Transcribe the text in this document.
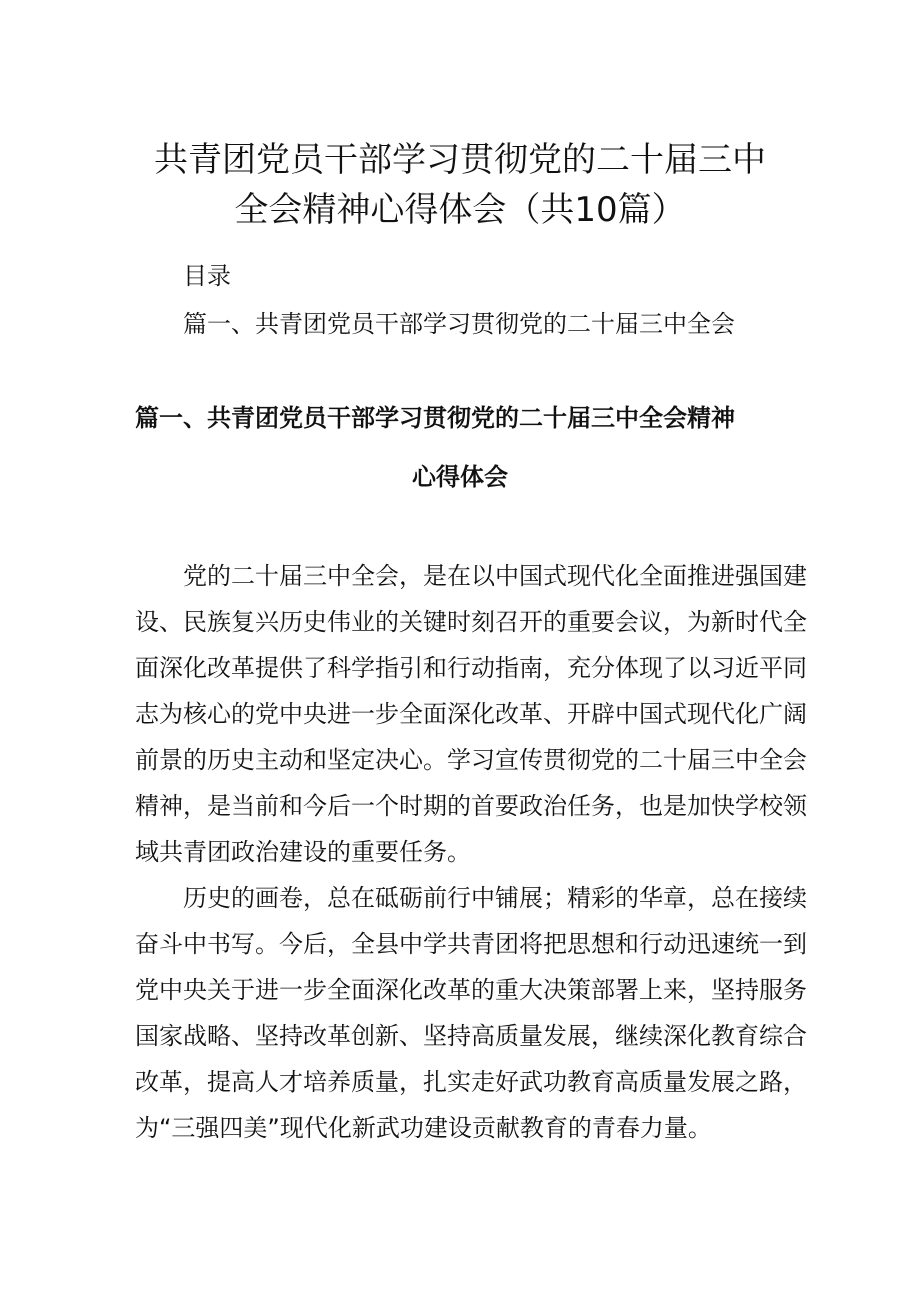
共青团党员干部学习贯彻党的二十届三中
全会精神心得体会（共10篇）
目录
篇一、共青团党员干部学习贯彻党的二十届三中全会
篇一、共青团党员干部学习贯彻党的二十届三中全会精神
心得体会
党的二十届三中全会，是在以中国式现代化全面推进强国建
设、民族复兴历史伟业的关键时刻召开的重要会议，为新时代全
面深化改革提供了科学指引和行动指南，充分体现了以习近平同
志为核心的党中央进一步全面深化改革、开辟中国式现代化广阔
前景的历史主动和坚定决心。学习宣传贯彻党的二十届三中全会
精神，是当前和今后一个时期的首要政治任务，也是加快学校领
域共青团政治建设的重要任务。
历史的画卷，总在砥砺前行中铺展；精彩的华章，总在接续
奋斗中书写。今后，全县中学共青团将把思想和行动迅速统一到
党中央关于进一步全面深化改革的重大决策部署上来，坚持服务
国家战略、坚持改革创新、坚持高质量发展，继续深化教育综合
改革，提高人才培养质量，扎实走好武功教育高质量发展之路，
为“三强四美”现代化新武功建设贡献教育的青春力量。
